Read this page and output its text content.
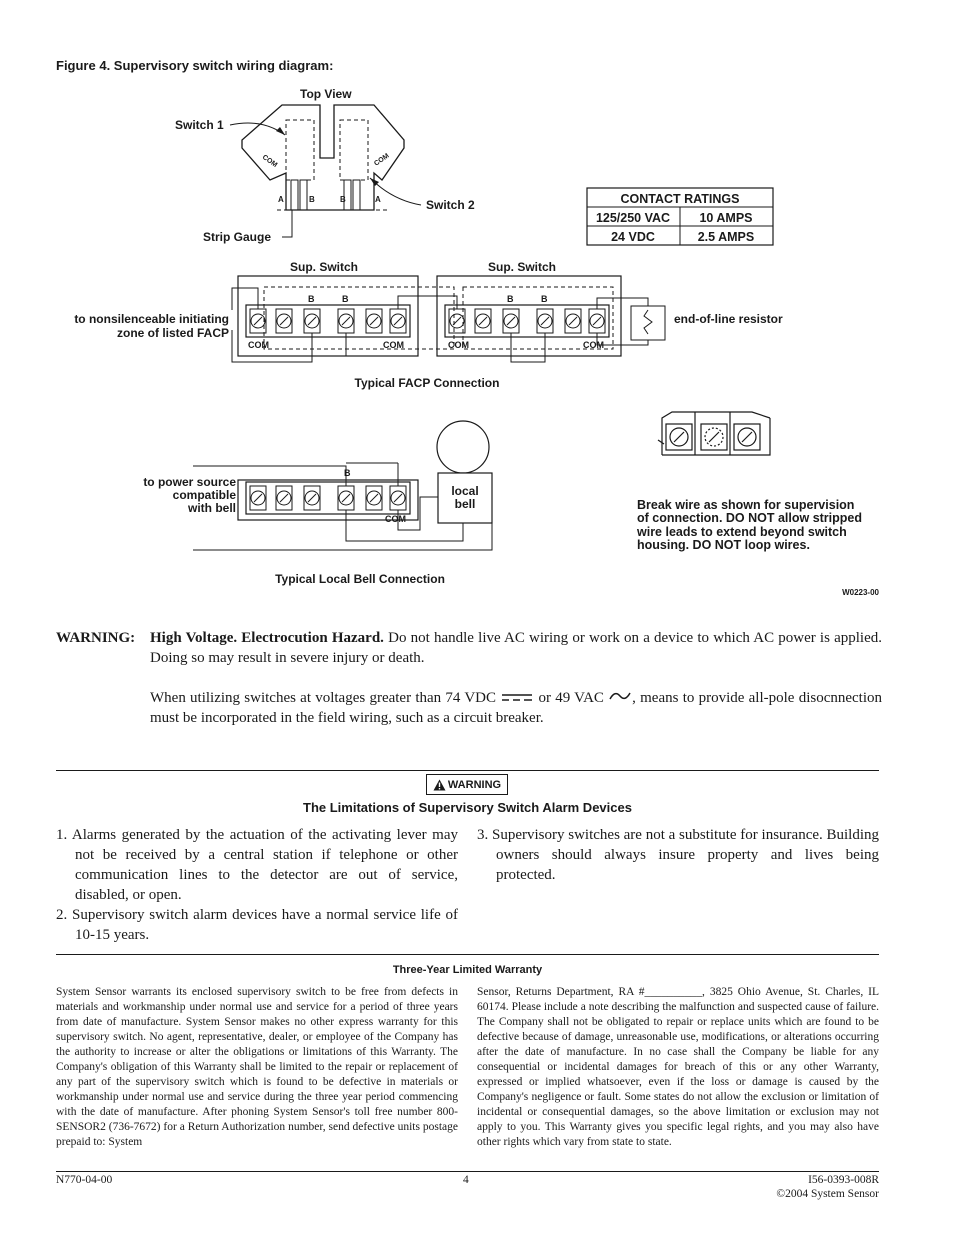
Figure 4. Supervisory switch wiring diagram:
Top View
COM	COM
A	B	B	A
Switch 1
Switch 2
Strip Gauge
CONTACT RATINGS
125/250 VAC 10 AMPS
24 VDC	2.5 AMPS
Sup. Switch	Sup. Switch
B	B	B	B
COM	COM	COM	COM
to nonsilenceable initiating
zone of listed FACP
end-of-line resistor
Typical FACP Connection
B
COM
local
bell
to power source
compatible
with bell
Typical Local Bell Connection
Break wire as shown for supervision
of connection. DO NOT allow stripped
wire leads to extend beyond switch
housing. DO NOT loop wires.
W0223-00
WARNING: High Voltage. Electrocution Hazard. Do not handle live AC wiring or work on a device to which AC power is applied. Doing so may result in severe injury or death.
When utilizing switches at voltages greater than 74 VDC	or 49 VAC , means to provide all-pole disocnnection must be incorporated in the field wiring, such as a circuit breaker.
WARNING
The Limitations of Supervisory Switch Alarm Devices
1. Alarms generated by the actuation of the activating lever may not be received by a central station if telephone or other communication lines to the detector are out of service, disabled, or open.
2. Supervisory switch alarm devices have a normal service life of 10-15 years.
3. Supervisory switches are not a substitute for insurance. Building owners should always insure property and lives being protected.
Three-Year Limited Warranty
System Sensor warrants its enclosed supervisory switch to be free from defects in materials and workmanship under normal use and service for a period of three years from date of manufacture. System Sensor makes no other express warranty for this supervisory switch. No agent, representative, dealer, or employee of the Company has the authority to increase or alter the obligations or limitations of this Warranty. The Company's obligation of this Warranty shall be limited to the repair or replacement of any part of the supervisory switch which is found to be defective in materials or workmanship under normal use and service during the three year period commencing with the date of manufacture. After phoning System Sensor's toll free number 800-SENSOR2 (736-7672) for a Return Authorization number, send defective units postage prepaid to: System
Sensor, Returns Department, RA #__________, 3825 Ohio Avenue, St. Charles, IL 60174. Please include a note describing the malfunction and suspected cause of failure. The Company shall not be obligated to repair or replace units which are found to be defective because of damage, unreasonable use, modifications, or alterations occurring after the date of manufacture. In no case shall the Company be liable for any consequential or incidental damages for breach of this or any other Warranty, expressed or implied whatsoever, even if the loss or damage is caused by the Company's negligence or fault. Some states do not allow the exclusion or limitation of incidental or consequential damages, so the above limitation or exclusion may not apply to you. This Warranty gives you specific legal rights, and you may also have other rights which vary from state to state.
N770-04-00	4	I56-0393-008R
©2004 System Sensor
